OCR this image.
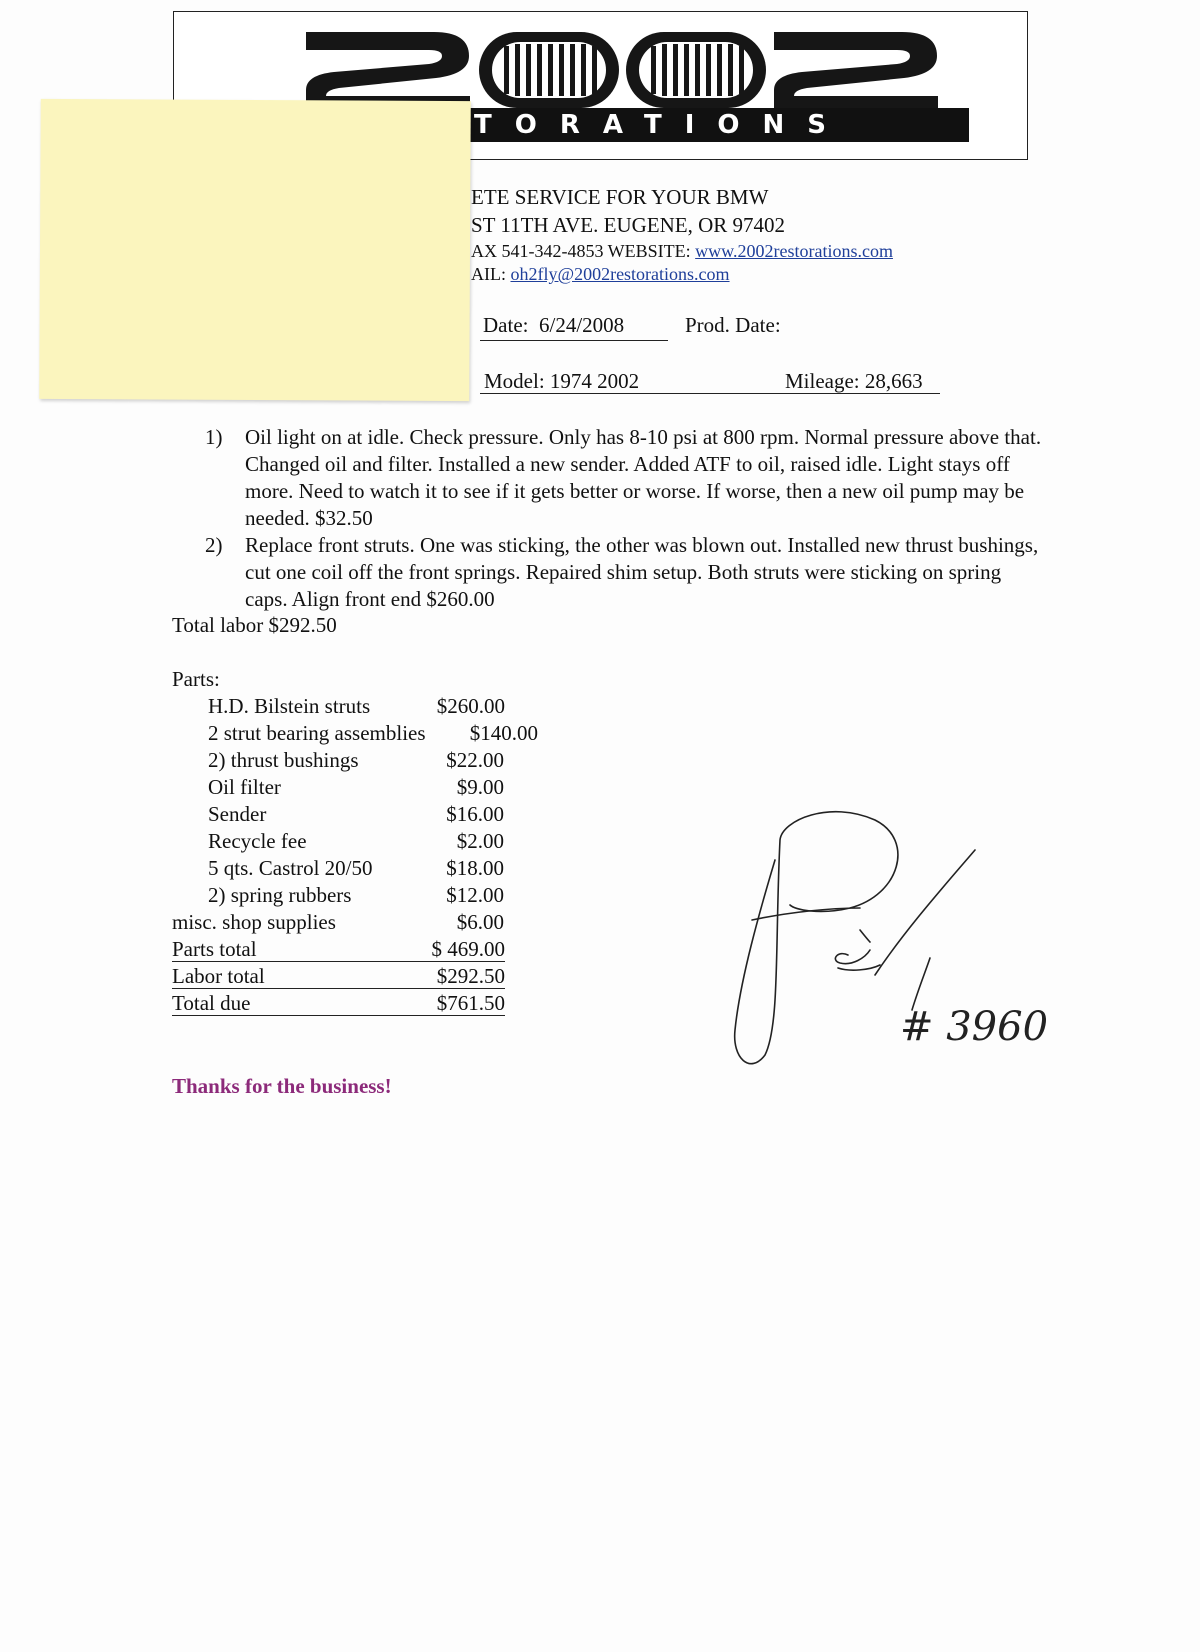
TORATIONS
ETE SERVICE FOR YOUR BMW
ST 11TH AVE. EUGENE, OR 97402
AX 541-342-4853 WEBSITE: www.2002restorations.com
AIL: oh2fly@2002restorations.com
Date: 6/24/2008	Prod. Date:
Model: 1974 2002	Mileage: 28,663
1)	Oil light on at idle. Check pressure. Only has 8-10 psi at 800 rpm. Normal pressure above that. Changed oil and filter. Installed a new sender. Added ATF to oil, raised idle. Light stays off more. Need to watch it to see if it gets better or worse. If worse, then a new oil pump may be needed. $32.50
2)	Replace front struts. One was sticking, the other was blown out. Installed new thrust bushings, cut one coil off the front springs. Repaired shim setup. Both struts were sticking on spring caps. Align front end $260.00
Total labor $292.50
Parts:
H.D. Bilstein struts	$260.00
2 strut bearing assemblies $140.00
2) thrust bushings	$22.00
Oil filter	$9.00
Sender	$16.00
Recycle fee	$2.00
5 qts. Castrol 20/50	$18.00
2) spring rubbers	$12.00
misc. shop supplies	$6.00
Parts total	$ 469.00
Labor total	$292.50
Total due	$761.50
Thanks for the business!
# 3960
